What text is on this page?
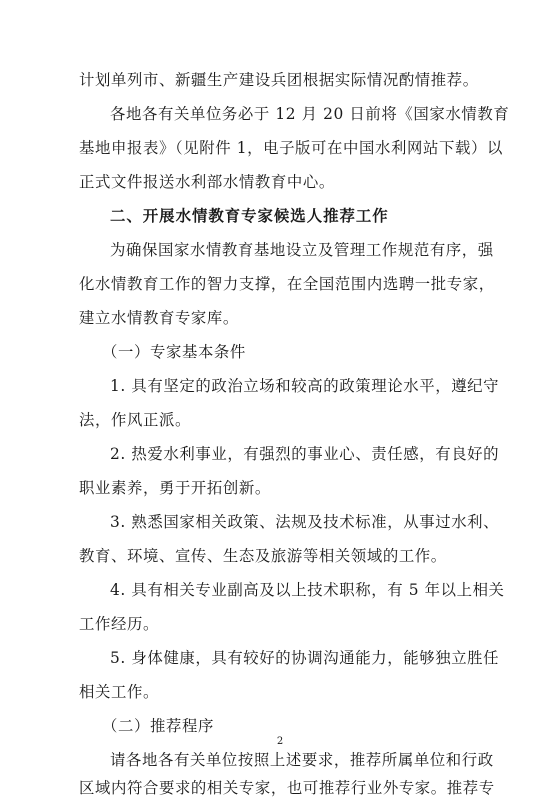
计划单列市、新疆生产建设兵团根据实际情况酌情推荐。
各地各有关单位务必于 12 月 20 日前将《国家水情教育
基地申报表》（见附件 1，电子版可在中国水利网站下载）以
正式文件报送水利部水情教育中心。
二、开展水情教育专家候选人推荐工作
为确保国家水情教育基地设立及管理工作规范有序，强
化水情教育工作的智力支撑，在全国范围内选聘一批专家，
建立水情教育专家库。
（一）专家基本条件
1. 具有坚定的政治立场和较高的政策理论水平，遵纪守
法，作风正派。
2. 热爱水利事业，有强烈的事业心、责任感，有良好的
职业素养，勇于开拓创新。
3. 熟悉国家相关政策、法规及技术标准，从事过水利、
教育、环境、宣传、生态及旅游等相关领域的工作。
4. 具有相关专业副高及以上技术职称，有 5 年以上相关
工作经历。
5. 身体健康，具有较好的协调沟通能力，能够独立胜任
相关工作。
（二）推荐程序
请各地各有关单位按照上述要求，推荐所属单位和行政
区域内符合要求的相关专家，也可推荐行业外专家。推荐专
2
